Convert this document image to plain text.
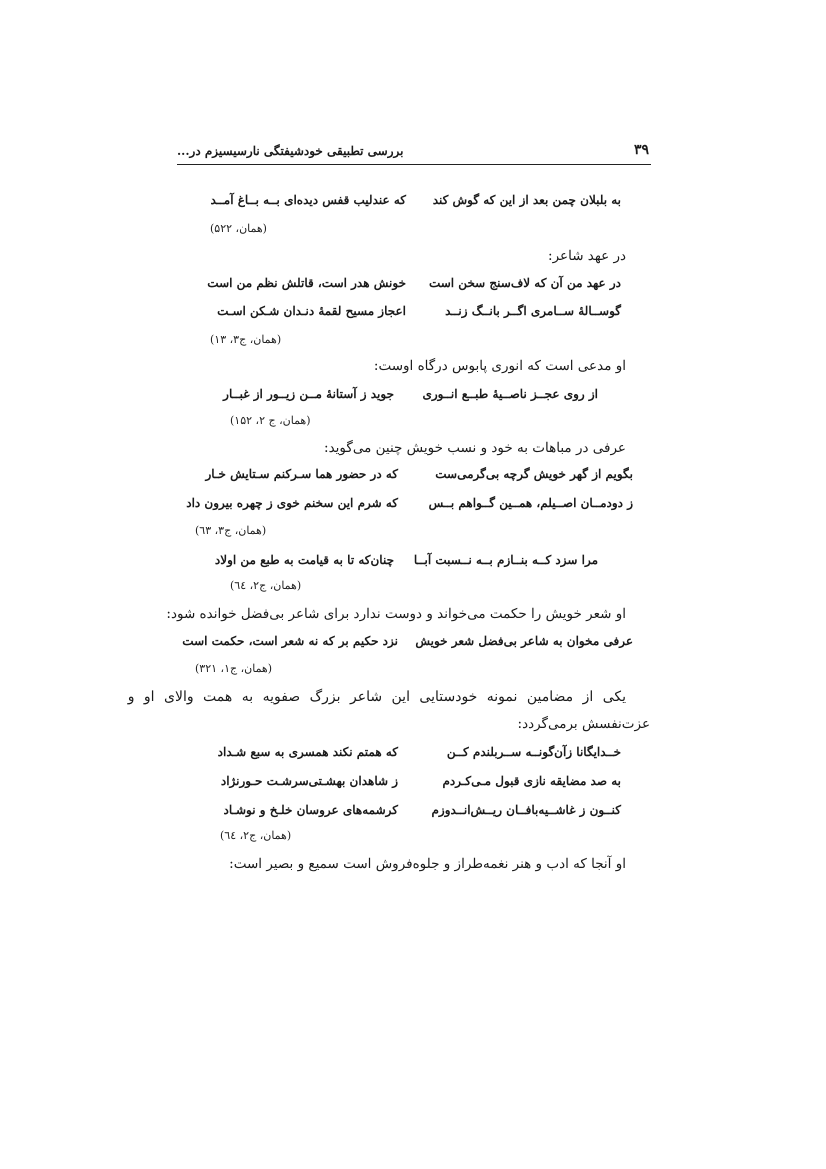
۳۹
بررسی تطبیقی خودشیفتگی نارسیسیزم در...
به بلبلان چمن بعد از این که گوش کند
که عندلیب قفس دیده‌ای بــه بــاغ آمــد
(همان، ۵۲۲)
در عهد شاعر:
در عهد من آن که لاف‌سنج سخن است
خونش هدر است، قاتلش نظم من است
گوســالهٔ ســامری اگــر بانــگ زنــد
اعجاز مسیح لقمهٔ دنـدان شـکن اسـت
(همان، ج۳، ۱۳)
او مدعی است که انوری پابوس درگاه اوست:
از روی عجــز ناصــیهٔ طبــع انــوری
جوید ز آستانهٔ مــن زیــور از غبــار
(همان، ج ۲، ۱۵۲)
عرفی در مباهات به خود و نسب خویش چنین می‌گوید:
بگویم از گهر خویش گرچه بی‌گرمی‌ست
که در حضور هما سـرکنم سـتایش خـار
ز دودمــان اصــیلم، همــین گــواهم بــس
که شرم این سخنم خوی ز چهره بیرون داد
(همان، ج۳، ٦۳)
مرا سزد کــه بنــازم بــه نــسبت آبــا
چنان‌که تا به قیامت به طبع من اولاد
(همان، ج۲، ٦٤)
او شعر خویش را حکمت می‌خواند و دوست ندارد برای شاعر بی‌فضل خوانده شود:
عرفی مخوان به شاعر بی‌فضل شعر خویش
نزد حکیم بر که نه شعر است، حکمت است
(همان، ج۱، ۳۲۱)
یکی از مضامین نمونه خودستایی این شاعر بزرگ صفویه به همت والای او و
عزت‌نفسش برمی‌گردد:
خــدایگانا زآن‌گونــه ســربلندم کــن
که همتم نکند همسری به سبع شـداد
به صد مضایقه نازی قبول مـی‌کـردم
ز شاهدان بهشـتی‌سرشـت حـورنژاد
کنــون ز غاشــیه‌بافــان ریــش‌انــدوزم
کرشمه‌های عروسان خلـخ و نوشـاد
(همان، ج۲، ٦٤)
او آنجا که ادب و هنر نغمه‌طراز و جلوه‌فروش است سمیع و بصیر است:
